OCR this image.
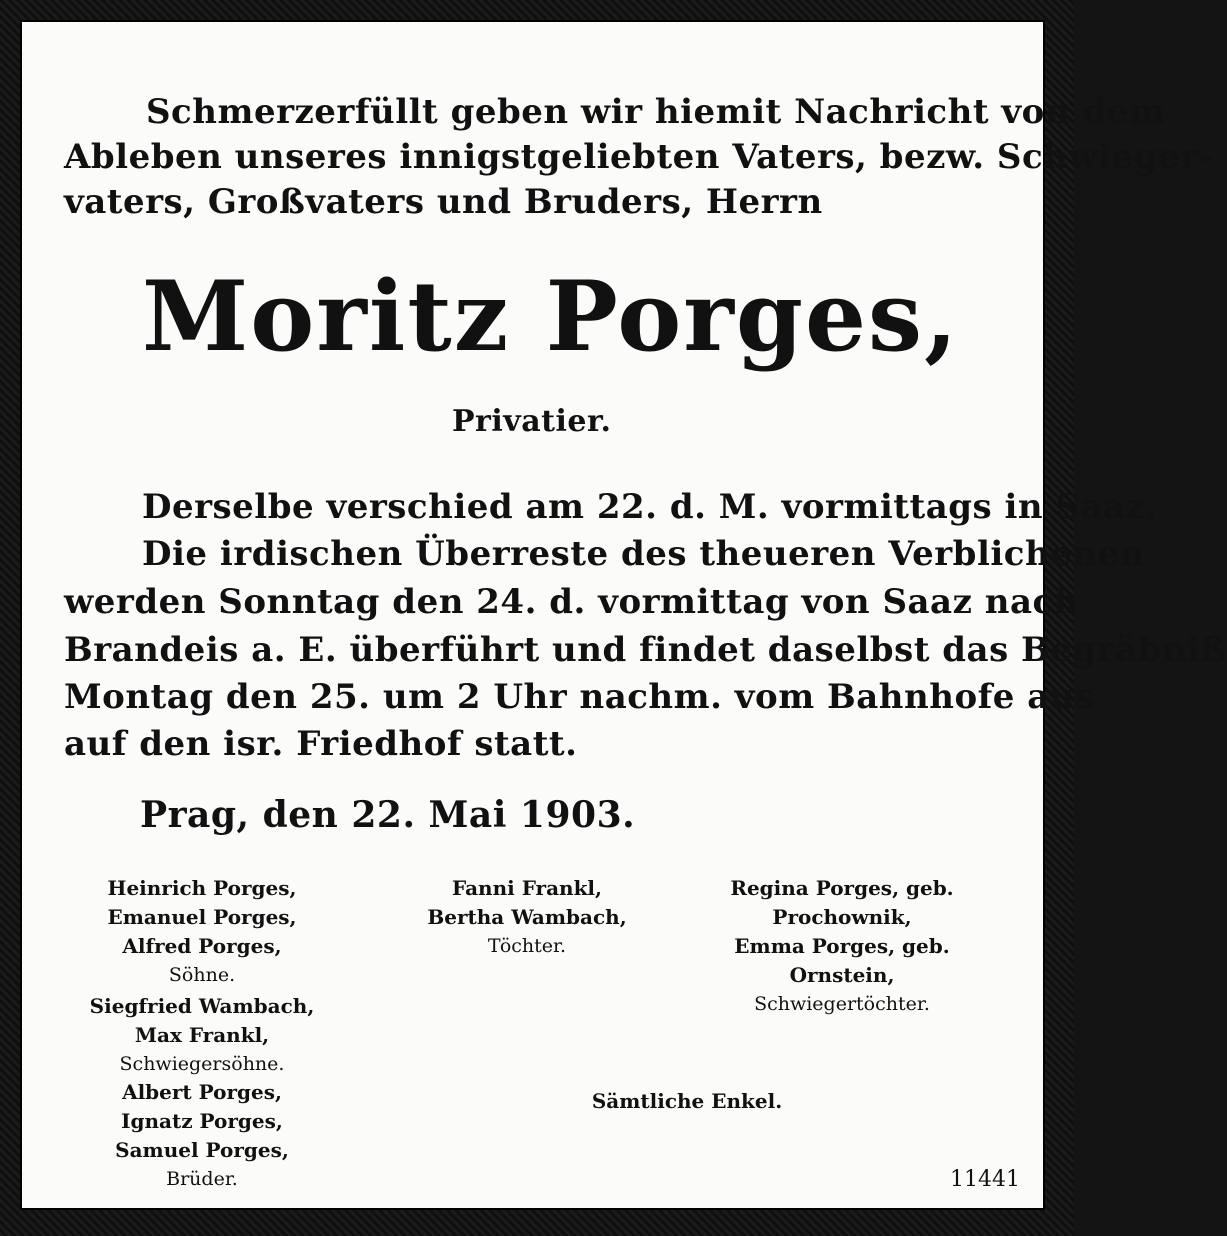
Schmerzerfüllt geben wir hiemit Nachricht von dem
Ableben unseres innigstgeliebten Vaters, bezw. Schwieger-
vaters, Großvaters und Bruders, Herrn
Moritz Porges,
Privatier.
Derselbe verschied am 22. d. M. vormittags in Saaz.
Die irdischen Überreste des theueren Verblichenen
werden Sonntag den 24. d. vormittag von Saaz nach
Brandeis a. E. überführt und findet daselbst das Begräbniß
Montag den 25. um 2 Uhr nachm. vom Bahnhofe aus
auf den isr. Friedhof statt.
Prag, den 22. Mai 1903.
Heinrich Porges,
Emanuel Porges,
Alfred Porges,
Söhne.
Siegfried Wambach,
Max Frankl,
Schwiegersöhne.
Albert Porges,
Ignatz Porges,
Samuel Porges,
Brüder.
Fanni Frankl,
Bertha Wambach,
Töchter.
Regina Porges, geb.
Prochownik,
Emma Porges, geb.
Ornstein,
Schwiegertöchter.
Sämtliche Enkel.
11441
